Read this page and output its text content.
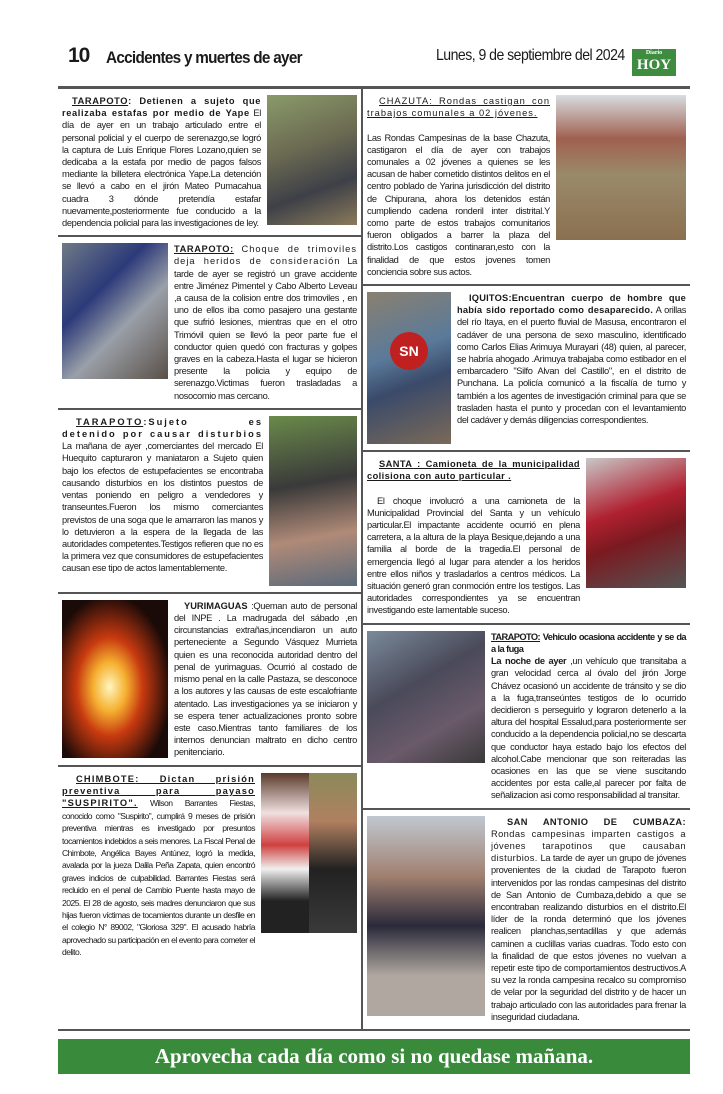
10 Accidentes y muertes de ayer	Lunes, 9 de septiembre del 2024	Diario
HOY
TARAPOTO: Detienen a sujeto que realizaba estafas por medio de Yape El día de ayer en un trabajo articulado entre el personal policial y el cuerpo de serenazgo,se logró la captura de Luis Enrique Flores Lozano,quien se dedicaba a la estafa por medio de pagos falsos mediante la billetera electrónica Yape.La detención se llevó a cabo en el jirón Mateo Pumacahua cuadra 3 dónde pretendía estafar nuevamente,posteriormente fue conducido a la dependencia policial para las investigaciones de ley.
TARAPOTO: Choque de trimoviles deja heridos de consideración La tarde de ayer se registró un grave accidente entre Jiménez Pimentel y Cabo Alberto Leveau ,a causa de la colision entre dos trimoviles , en uno de ellos iba como pasajero una gestante que sufrió lesiones, mientras que en el otro Trimóvil quien se llevó la peor parte fue el conductor quien quedó con fracturas y golpes graves en la cabeza.Hasta el lugar se hicieron presente la policia y equipo de serenazgo.Victimas fueron trasladadas a nosocomio mas cercano.
TARAPOTO:Sujeto es detenido por causar disturbios La mañana de ayer ,comerciantes del mercado El Huequito capturaron y maniataron a Sujeto quien bajo los efectos de estupefacientes se encontraba causando disturbios en los distintos puestos de ventas poniendo en peligro a vendedores y transeuntes.Fueron los mismo comerciantes previstos de una soga que le amarraron las manos y lo detuvieron a la espera de la llegada de las autoridades competentes.Testigos refieren que no es la primera vez que consumidores de estupefacientes causan ese tipo de actos lamentablemente.
YURIMAGUAS :Queman auto de personal del INPE . La madrugada del sábado ,en circunstancias extrañas,incendiaron un auto perteneciente a Segundo Vásquez Murrieta quien es una reconocida autoridad dentro del penal de yurimaguas. Ocurrió al costado de mismo penal en la calle Pastaza, se desconoce a los autores y las causas de este escalofriante atentado. Las investigaciones ya se iniciaron y se espera tener actualizaciones pronto sobre este caso.Mientras tanto familiares de los internos denuncian maltrato en dicho centro penitenciario.
CHIMBOTE: Dictan prisión preventiva para payaso "SUSPIRITO". Wilson Barrantes Fiestas, conocido como "Suspirito", cumplirá 9 meses de prisión preventiva mientras es investigado por presuntos tocamientos indebidos a seis menores. La Fiscal Penal de Chimbote, Angélica Bayes Antúnez, logró la medida, avalada por la jueza Dalila Peña Zapata, quien encontró graves indicios de culpabilidad. Barrantes Fiestas será recluido en el penal de Cambio Puente hasta mayo de 2025. El 28 de agosto, seis madres denunciaron que sus hijas fueron víctimas de tocamientos durante un desfile en el colegio N° 89002, "Gloriosa 329". El acusado habría aprovechado su participación en el evento para cometer el delito.
CHAZUTA: Rondas castigan con trabajos comunales a 02 jóvenes.

Las Rondas Campesinas de la base Chazuta, castigaron el día de ayer con trabajos comunales a 02 jóvenes a quienes se les acusan de haber cometido distintos delitos en el centro poblado de Yarina jurisdicción del distrito de Chipurana, ahora los detenidos están cumpliendo cadena ronderil inter distrital.Y como parte de estos trabajos comunitarios fueron obligados a barrer la plaza del distrito.Los castigos continaran,esto con la finalidad de que estos jovenes tomen conciencia sobre sus actos.
SN
IQUITOS:Encuentran cuerpo de hombre que había sido reportado como desaparecido. A orillas del río Itaya, en el puerto fluvial de Masusa, encontraron el cadáver de una persona de sexo masculino, identificado como Carlos Elias Arimuya Murayari (48) quien, al parecer, se habría ahogado .Arimuya trabajaba como estibador en el embarcadero "Silfo Alvan del Castillo", en el distrito de Punchana. La policía comunicó a la fiscalía de turno y también a los agentes de investigación criminal para que se trasladen hasta el punto y procedan con el levantamiento del cadáver y demás diligencias correspondientes.
SANTA : Camioneta de la municipalidad colisiona con auto particular .

El choque involucró a una camioneta de la Municipalidad Provincial del Santa y un vehículo particular.El impactante accidente ocurrió en plena carretera, a la altura de la playa Besique,dejando a una familia al borde de la tragedia.El personal de emergencia llegó al lugar para atender a los heridos entre ellos niños y trasladarlos a centros médicos. La situación generó gran conmoción entre los testigos. Las autoridades correspondientes ya se encuentran investigando este lamentable suceso.
TARAPOTO: Vehiculo ocasiona accidente y se da a la fuga
La noche de ayer ,un vehículo que transitaba a gran velocidad cerca al óvalo del jirón Jorge Chávez ocasionó un accidente de tránsito y se dio a la fuga,transeúntes testigos de lo ocurrido decidieron s perseguirlo y lograron detenerlo a la altura del hospital Essalud,para posteriormente ser conducido a la dependencia policial,no se descarta que conductor haya estado bajo los efectos del alcohol.Cabe mencionar que son reiteradas las ocasiones en las que se viene suscitando accidentes por esta calle,al parecer por falta de señalizacion asi como responsabilidad al transitar.
SAN ANTONIO DE CUMBAZA: Rondas campesinas imparten castigos a jóvenes tarapotinos que causaban disturbios. La tarde de ayer un grupo de jóvenes provenientes de la ciudad de Tarapoto fueron intervenidos por las rondas campesinas del distrito de San Antonio de Cumbaza,debido a que se encontraban realizando disturbios en el distrito.El líder de la ronda determinó que los jóvenes realicen planchas,sentadillas y que además caminen a cuclillas varias cuadras. Todo esto con la finalidad de que estos jóvenes no vuelvan a repetir este tipo de comportamientos destructivos.A su vez la ronda campesina recalco su compromiso de velar por la seguridad del distrito y de hacer un trabajo articulado con las autoridades para frenar la inseguridad ciudadana.
Aprovecha cada día como si no quedase mañana.
